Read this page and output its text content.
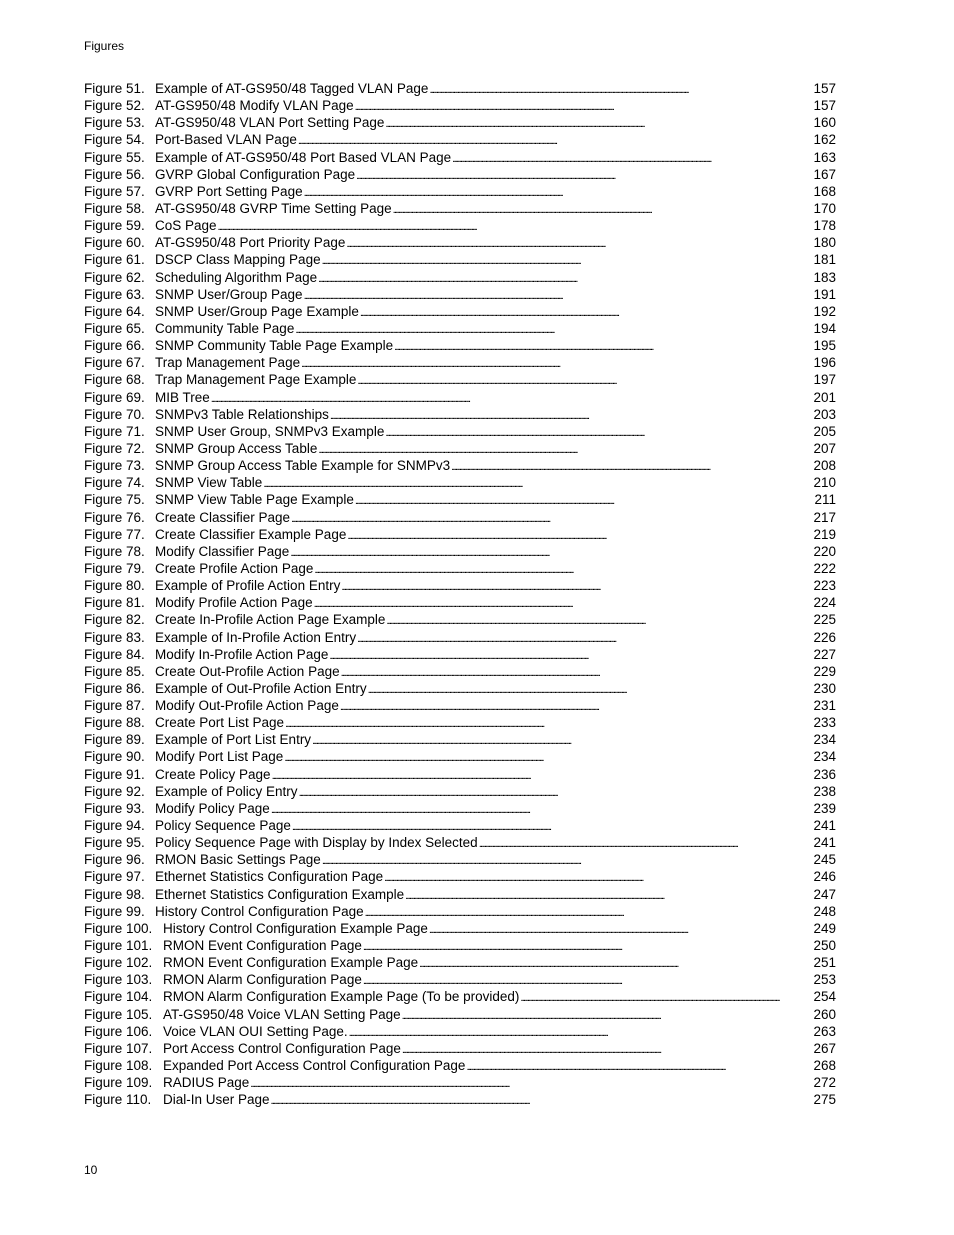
Figures
Figure 51. Example of AT-GS950/48 Tagged VLAN Page . . .	157
Figure 52. AT-GS950/48 Modify VLAN Page . . .	157
Figure 53. AT-GS950/48 VLAN Port Setting Page . . .	160
Figure 54. Port-Based VLAN Page . . .	162
Figure 55. Example of AT-GS950/48 Port Based VLAN Page . . .	163
Figure 56. GVRP Global Configuration Page . . .	167
Figure 57. GVRP Port Setting Page . . .	168
Figure 58. AT-GS950/48 GVRP Time Setting Page . . .	170
Figure 59. CoS Page . . .	178
Figure 60. AT-GS950/48 Port Priority Page . . .	180
Figure 61. DSCP Class Mapping Page . . .	181
Figure 62. Scheduling Algorithm Page . . .	183
Figure 63. SNMP User/Group Page . . .	191
Figure 64. SNMP User/Group Page Example . . .	192
Figure 65. Community Table Page . . .	194
Figure 66. SNMP Community Table Page Example . . .	195
Figure 67. Trap Management Page . . .	196
Figure 68. Trap Management Page Example . . .	197
Figure 69. MIB Tree . . .	201
Figure 70. SNMPv3 Table Relationships . . .	203
Figure 71. SNMP User Group, SNMPv3 Example . . .	205
Figure 72. SNMP Group Access Table . . .	207
Figure 73. SNMP Group Access Table Example for SNMPv3 . . .	208
Figure 74. SNMP View Table . . .	210
Figure 75. SNMP View Table Page Example . . .	211
Figure 76. Create Classifier Page . . .	217
Figure 77. Create Classifier Example Page . . .	219
Figure 78. Modify Classifier Page . . .	220
Figure 79. Create Profile Action Page . . .	222
Figure 80. Example of Profile Action Entry . . .	223
Figure 81. Modify Profile Action Page . . .	224
Figure 82. Create In-Profile Action Page Example . . .	225
Figure 83. Example of In-Profile Action Entry . . .	226
Figure 84. Modify In-Profile Action Page . . .	227
Figure 85. Create Out-Profile Action Page . . .	229
Figure 86. Example of Out-Profile Action Entry . . .	230
Figure 87. Modify Out-Profile Action Page . . .	231
Figure 88. Create Port List Page . . .	233
Figure 89. Example of Port List Entry . . .	234
Figure 90. Modify Port List Page . . .	234
Figure 91. Create Policy Page . . .	236
Figure 92. Example of Policy Entry . . .	238
Figure 93. Modify Policy Page . . .	239
Figure 94. Policy Sequence Page . . .	241
Figure 95. Policy Sequence Page with Display by Index Selected . . .	241
Figure 96. RMON Basic Settings Page . . .	245
Figure 97. Ethernet Statistics Configuration Page . . .	246
Figure 98. Ethernet Statistics Configuration Example . . .	247
Figure 99. History Control Configuration Page . . .	248
Figure 100. History Control Configuration Example Page . . .	249
Figure 101. RMON Event Configuration Page . . .	250
Figure 102. RMON Event Configuration Example Page . . .	251
Figure 103. RMON Alarm Configuration Page . . .	253
Figure 104. RMON Alarm Configuration Example Page (To be provided) . . .	254
Figure 105. AT-GS950/48 Voice VLAN Setting Page . . .	260
Figure 106. Voice VLAN OUI Setting Page. . . .	263
Figure 107. Port Access Control Configuration Page . . .	267
Figure 108. Expanded Port Access Control Configuration Page . . .	268
Figure 109. RADIUS Page . . .	272
Figure 110. Dial-In User Page . . .	275
10
